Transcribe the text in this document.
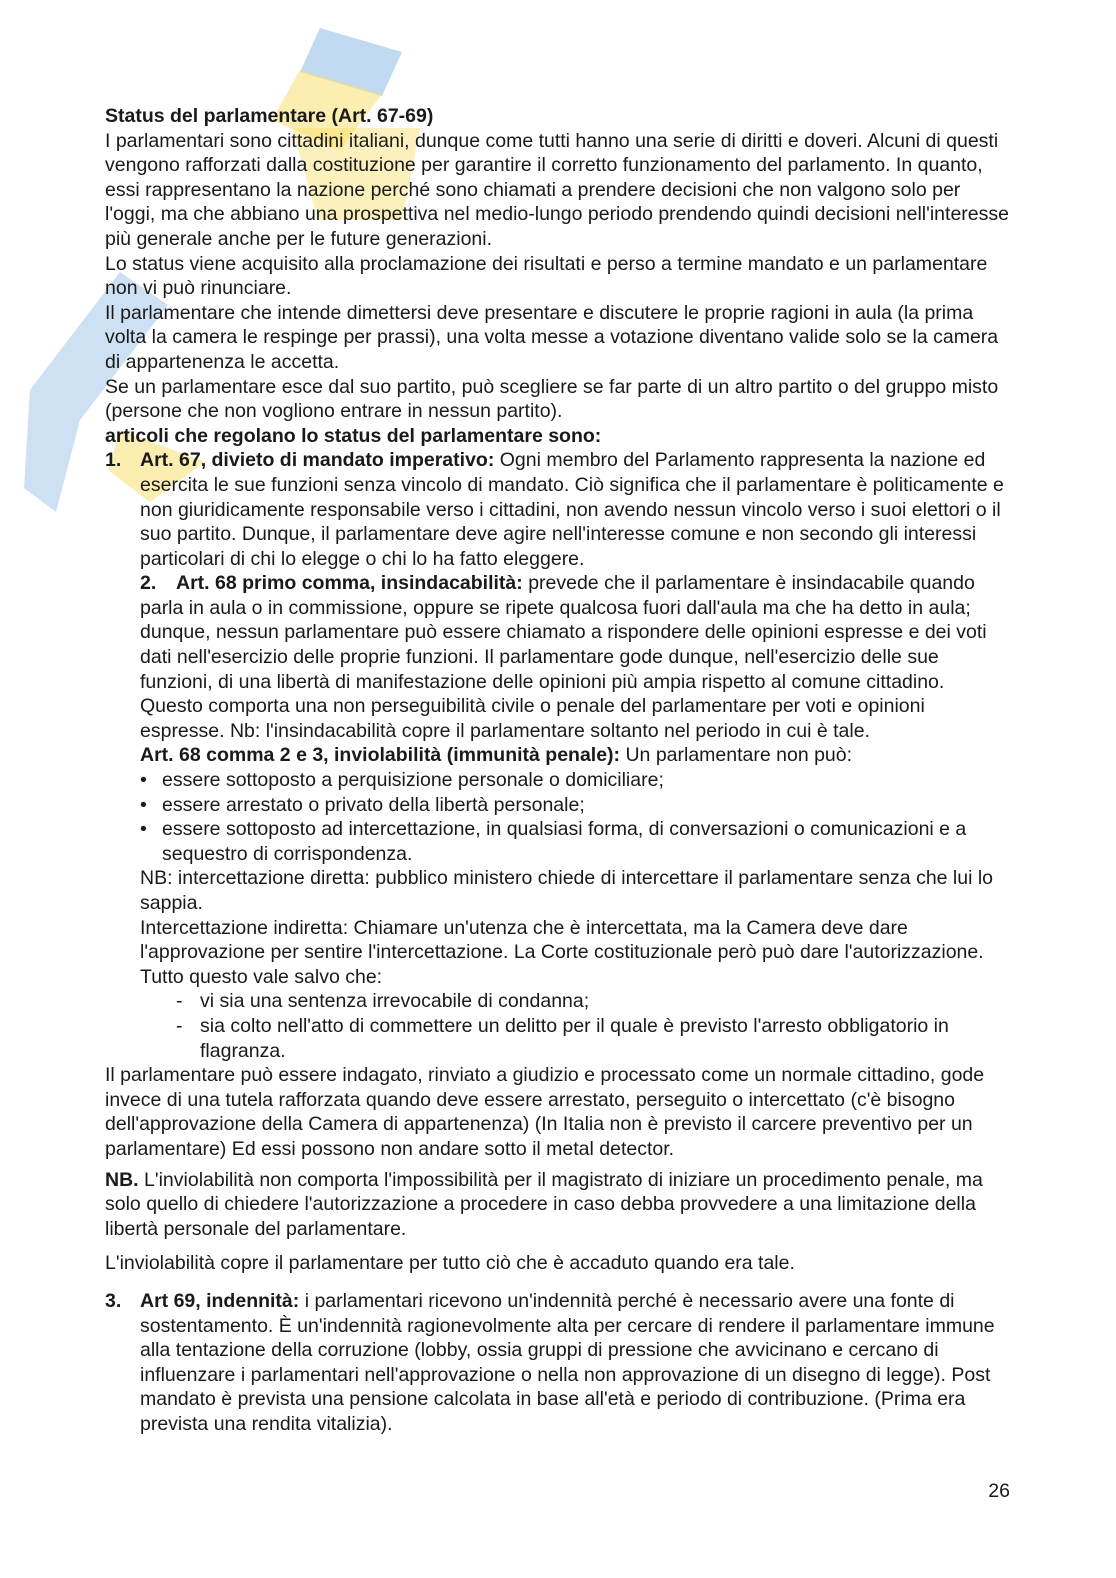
Status del parlamentare (Art. 67-69)
I parlamentari sono cittadini italiani, dunque come tutti hanno una serie di diritti e doveri. Alcuni di questi vengono rafforzati dalla costituzione per garantire il corretto funzionamento del parlamento. In quanto, essi rappresentano la nazione perché sono chiamati a prendere decisioni che non valgono solo per l'oggi, ma che abbiano una prospettiva nel medio-lungo periodo prendendo quindi decisioni nell'interesse più generale anche per le future generazioni.
Lo status viene acquisito alla proclamazione dei risultati e perso a termine mandato e un parlamentare non vi può rinunciare.
Il parlamentare che intende dimettersi deve presentare e discutere le proprie ragioni in aula (la prima volta la camera le respinge per prassi), una volta messe a votazione diventano valide solo se la camera di appartenenza le accetta.
Se un parlamentare esce dal suo partito, può scegliere se far parte di un altro partito o del gruppo misto (persone che non vogliono entrare in nessun partito).
articoli che regolano lo status del parlamentare sono:
1. Art. 67, divieto di mandato imperativo: Ogni membro del Parlamento rappresenta la nazione ed esercita le sue funzioni senza vincolo di mandato. Ciò significa che il parlamentare è politicamente e non giuridicamente responsabile verso i cittadini, non avendo nessun vincolo verso i suoi elettori o il suo partito. Dunque, il parlamentare deve agire nell'interesse comune e non secondo gli interessi particolari di chi lo elegge o chi lo ha fatto eleggere.
2. Art. 68 primo comma, insindacabilità: prevede che il parlamentare è insindacabile quando parla in aula o in commissione, oppure se ripete qualcosa fuori dall'aula ma che ha detto in aula; dunque, nessun parlamentare può essere chiamato a rispondere delle opinioni espresse e dei voti dati nell'esercizio delle proprie funzioni. Il parlamentare gode dunque, nell'esercizio delle sue funzioni, di una libertà di manifestazione delle opinioni più ampia rispetto al comune cittadino. Questo comporta una non perseguibilità civile o penale del parlamentare per voti e opinioni espresse. Nb: l'insindacabilità copre il parlamentare soltanto nel periodo in cui è tale.
Art. 68 comma 2 e 3, inviolabilità (immunità penale): Un parlamentare non può:
• essere sottoposto a perquisizione personale o domiciliare;
• essere arrestato o privato della libertà personale;
• essere sottoposto ad intercettazione, in qualsiasi forma, di conversazioni o comunicazioni e a sequestro di corrispondenza.
NB: intercettazione diretta: pubblico ministero chiede di intercettare il parlamentare senza che lui lo sappia.
Intercettazione indiretta: Chiamare un'utenza che è intercettata, ma la Camera deve dare l'approvazione per sentire l'intercettazione. La Corte costituzionale però può dare l'autorizzazione.
Tutto questo vale salvo che:
- vi sia una sentenza irrevocabile di condanna;
- sia colto nell'atto di commettere un delitto per il quale è previsto l'arresto obbligatorio in flagranza.
Il parlamentare può essere indagato, rinviato a giudizio e processato come un normale cittadino, gode invece di una tutela rafforzata quando deve essere arrestato, perseguito o intercettato (c'è bisogno dell'approvazione della Camera di appartenenza) (In Italia non è previsto il carcere preventivo per un parlamentare) Ed essi possono non andare sotto il metal detector.
NB. L'inviolabilità non comporta l'impossibilità per il magistrato di iniziare un procedimento penale, ma solo quello di chiedere l'autorizzazione a procedere in caso debba provvedere a una limitazione della libertà personale del parlamentare.
L'inviolabilità copre il parlamentare per tutto ciò che è accaduto quando era tale.
3. Art 69, indennità: i parlamentari ricevono un'indennità perché è necessario avere una fonte di sostentamento. È un'indennità ragionevolmente alta per cercare di rendere il parlamentare immune alla tentazione della corruzione (lobby, ossia gruppi di pressione che avvicinano e cercano di influenzare i parlamentari nell'approvazione o nella non approvazione di un disegno di legge). Post mandato è prevista una pensione calcolata in base all'età e periodo di contribuzione. (Prima era prevista una rendita vitalizia).
26
